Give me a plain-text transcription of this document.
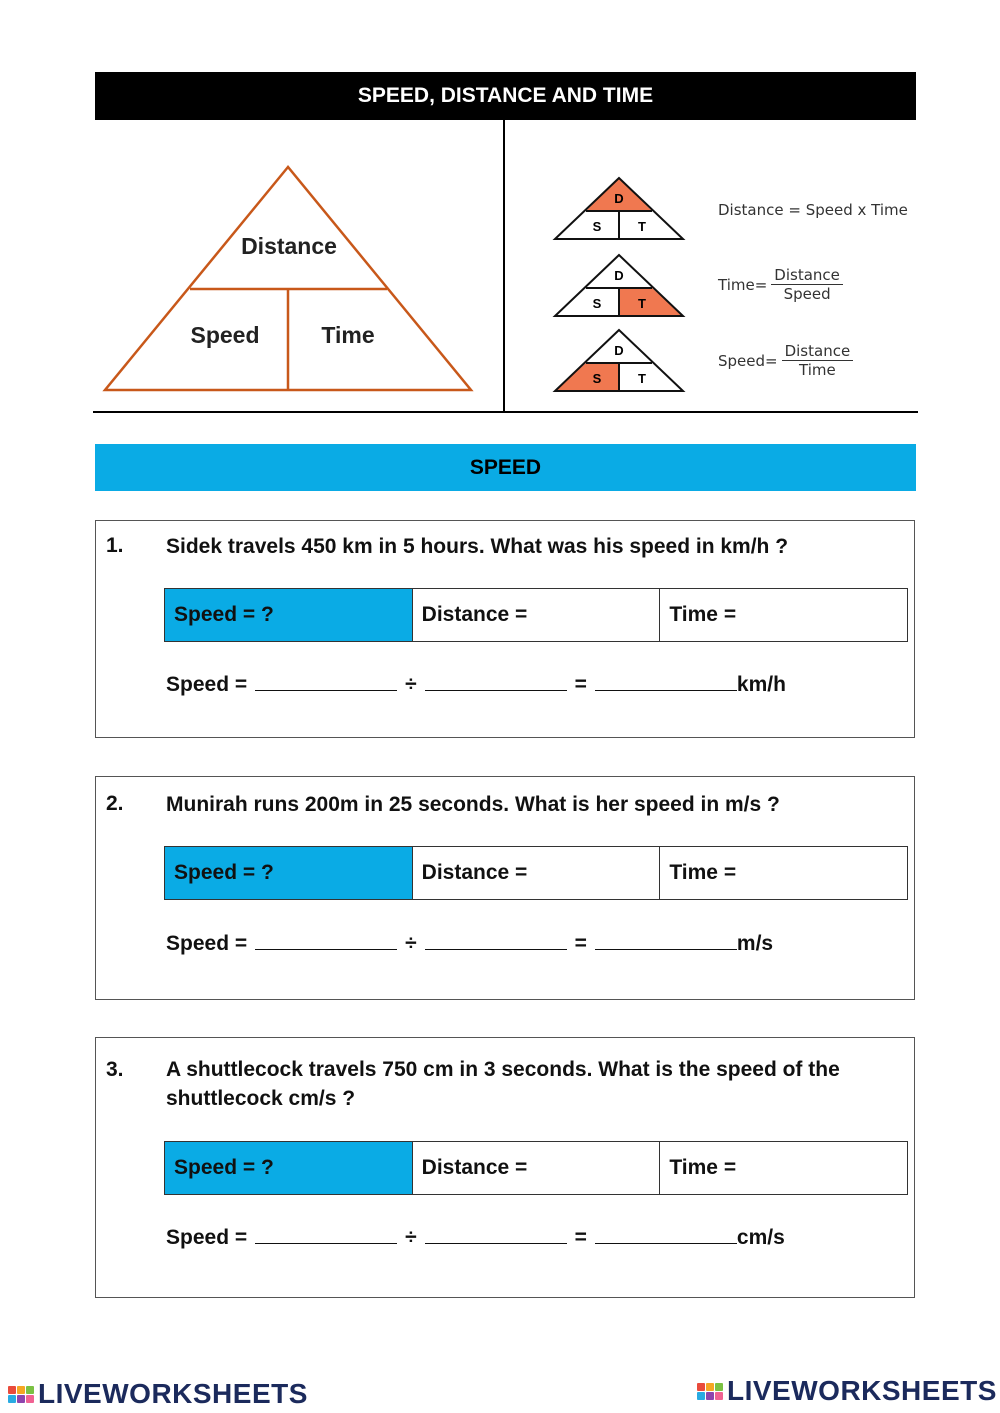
SPEED, DISTANCE AND TIME
Distance
Speed	Time
D
S	T
D
S	T
D
S	T
Distance = Speed x Time
Time= $\frac{\text{Distance}}{\text{Speed}}$
Speed= $\frac{\text{Distance}}{\text{Time}}$
SPEED
1. Sidek travels 450 km in 5 hours. What was his speed in km/h ?
Speed = ?	Distance =	Time =
Speed =	÷	=	km/h
2. Munirah runs 200m in 25 seconds. What is her speed in m/s ?
Speed = ?	Distance =	Time =
Speed =	÷	=	m/s
3. A shuttlecock travels 750 cm in 3 seconds. What is the speed of the shuttlecock cm/s ?
Speed = ?	Distance =	Time =
Speed =	÷	=	cm/s
LIVEWORKSHEETS	LIVEWORKSHEETS
